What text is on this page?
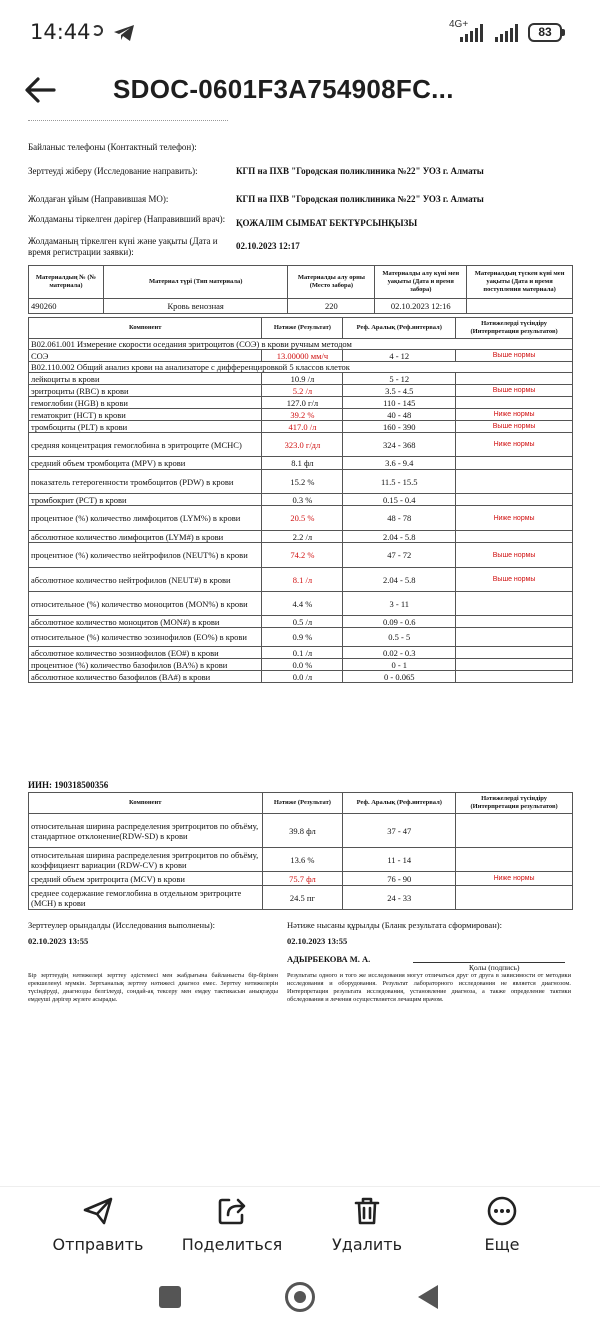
14:44	4G+
83
SDOC-0601F3A754908FC...
Байланыс телефоны (Контактный телефон):
Зерттеуді жіберу (Исследование направить):	КГП на ПХВ "Городская поликлиника №22" УОЗ г. Алматы
Жолдаған ұйым (Направившая МО):	КГП на ПХВ "Городская поликлиника №22" УОЗ г. Алматы
Жолдаманы тіркелген дәрігер (Направивший врач):	ҚОЖАЛІМ СЫМБАТ БЕКТҰРСЫНҚЫЗЫ
Жолдаманың тіркелген күні және уақыты (Дата и время регистрации заявки):
02.10.2023 12:17
Материалдың № (№ материала)	Материал түрі (Тип материала)	Материалды алу орны (Место забора)	Материалды алу күні мен уақыты (Дата и время забора)	Материалдың түскен күні мен уақыты (Дата и время поступления материала)
490260	Кровь венозная	220	02.10.2023 12:16	
Компонент	Нәтиже (Результат)	Реф. Аралық (Реф.интервал)	Нәтижелерді түсіндіру (Интерпретация результатов)
B02.061.001 Измерение скорости оседания эритроцитов (СОЭ) в крови ручным методом			
СОЭ	13.00000 мм/ч	4 - 12	Выше нормы
B02.110.002 Общий анализ крови на анализаторе с дифференцировкой 5 классов клеток			
лейкоциты в крови	10.9 /л	5 - 12	
эритроциты (RBC) в крови	5.2 /л	3.5 - 4.5	Выше нормы
гемоглобин (HGB) в крови	127.0 г/л	110 - 145	
гематокрит (HCT) в крови	39.2 %	40 - 48	Ниже нормы
тромбоциты (PLT) в крови	417.0 /л	160 - 390	Выше нормы
средняя концентрация гемоглобина в эритроците (MCHC)	323.0 г/дл	324 - 368	Ниже нормы
средний объем тромбоцита (MPV) в крови	8.1 фл	3.6 - 9.4	
показатель гетерогенности тромбоцитов (PDW) в крови	15.2 %	11.5 - 15.5	
тромбокрит (PCT) в крови	0.3 %	0.15 - 0.4	
процентное (%) количество лимфоцитов (LYM%) в крови	20.5 %	48 - 78	Ниже нормы
абсолютное количество лимфоцитов (LYM#) в крови	2.2 /л	2.04 - 5.8	
процентное (%) количество нейтрофилов (NEUT%) в крови	74.2 %	47 - 72	Выше нормы
абсолютное количество нейтрофилов (NEUT#) в крови	8.1 /л	2.04 - 5.8	Выше нормы
относительное (%) количество моноцитов (MON%) в крови	4.4 %	3 - 11	
абсолютное количество моноцитов (MON#) в крови	0.5 /л	0.09 - 0.6	
относительное (%) количество эозинофилов (EO%) в крови	0.9 %	0.5 - 5	
абсолютное количество эозинофилов (EO#) в крови	0.1 /л	0.02 - 0.3	
процентное (%) количество базофилов (BA%) в крови	0.0 %	0 - 1	
абсолютное количество базофилов (BA#) в крови	0.0 /л	0 - 0.065	
ИИН: 190318500356
Компонент	Нәтиже (Результат)	Реф. Аралық (Реф.интервал)	Нәтижелерді түсіндіру (Интерпретация результатов)
относительная ширина распределения эритроцитов по объёму, стандартное отклонение(RDW-SD) в крови	39.8 фл	37 - 47	
относительная ширина распределения эритроцитов по объёму, коэффициент вариации (RDW-CV) в крови	13.6 %	11 - 14	
средний объем эритроцита (MCV) в крови	75.7 фл	76 - 90	Ниже нормы
среднее содержание гемоглобина в отдельном эритроците (MCH) в крови	24.5 пг	24 - 33	
Зерттеулер орындалды (Исследования выполнены):
02.10.2023 13:55
Нәтиже нысаны құрылды (Бланк результата сформирован):
02.10.2023 13:55
АДЫРБЕКОВА М. А.
Қолы (подпись)
Бір зерттеудің нәтижелері зерттеу әдістемесі мен жабдығына байланысты бір-бірінен ерекшеленуі мүмкін. Зертханалық зерттеу нәтижесі диагноз емес. Зерттеу нәтижелерін түсіндіруді, диагнозды белгілеуді, сондай-ақ тексеру мен емдеу тактикасын анықтауды емдеуші дәрігер жүзеге асырады.
Результаты одного и того же исследования могут отличаться друг от друга в зависимости от методики исследования и оборудования. Результат лабораторного исследования не является диагнозом. Интерпретация результата исследования, установление диагноза, а также определение тактики обследования и лечения осуществляется лечащим врачом.
Отправить	Поделиться	Удалить	Еще
